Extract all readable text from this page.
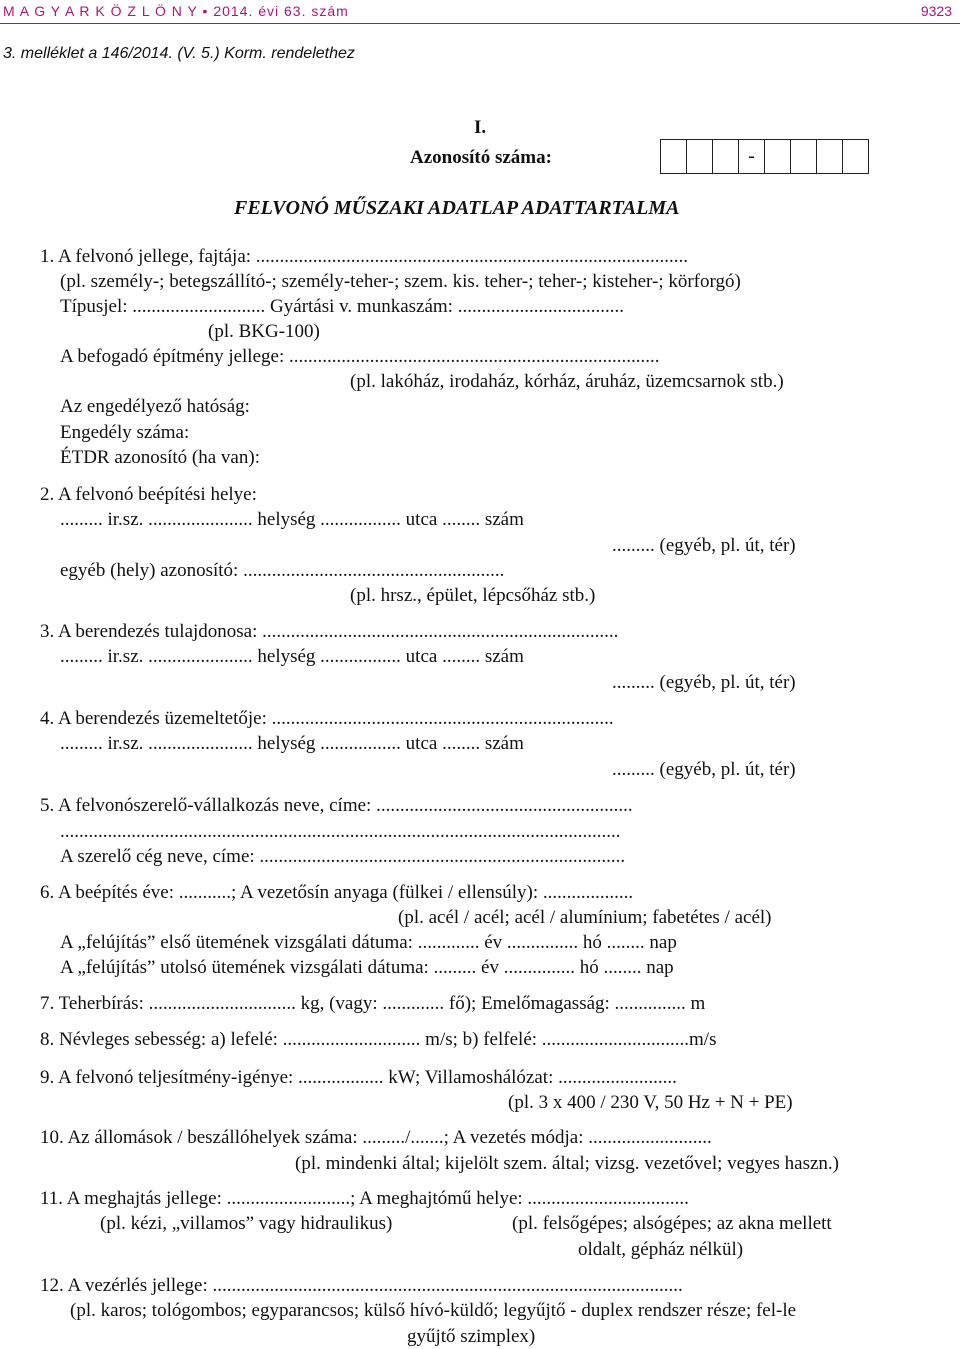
M A G Y A R K Ö Z L Ö N Y • 2014. évi 63. szám	9323
3. melléklet a 146/2014. (V. 5.) Korm. rendelethez
I.
Azonosító száma:	-
FELVONÓ MŰSZAKI ADATLAP ADATTARTALMA
1. A felvonó jellege, fajtája: ...........................................................................................
(pl. személy-; betegszállító-; személy-teher-; szem. kis. teher-; teher-; kisteher-; körforgó)
Típusjel: ............................ Gyártási v. munkaszám: ...................................
(pl. BKG-100)
A befogadó építmény jellege: ..............................................................................
(pl. lakóház, irodaház, kórház, áruház, üzemcsarnok stb.)
Az engedélyező hatóság:
Engedély száma:
ÉTDR azonosító (ha van):
2. A felvonó beépítési helye:
......... ir.sz. ...................... helység ................. utca ........ szám
......... (egyéb, pl. út, tér)
egyéb (hely) azonosító: .......................................................
(pl. hrsz., épület, lépcsőház stb.)
3. A berendezés tulajdonosa: ...........................................................................
......... ir.sz. ...................... helység ................. utca ........ szám
......... (egyéb, pl. út, tér)
4. A berendezés üzemeltetője: ........................................................................
......... ir.sz. ...................... helység ................. utca ........ szám
......... (egyéb, pl. út, tér)
5. A felvonószerelő-vállalkozás neve, címe: ......................................................
......................................................................................................................
A szerelő cég neve, címe: .............................................................................
6. A beépítés éve: ...........; A vezetősín anyaga (fülkei / ellensúly): ...................
(pl. acél / acél; acél / alumínium; fabetétes / acél)
A „felújítás” első ütemének vizsgálati dátuma: ............. év ............... hó ........ nap
A „felújítás” utolsó ütemének vizsgálati dátuma: ......... év ............... hó ........ nap
7. Teherbírás: ............................... kg, (vagy: ............. fő); Emelőmagasság: ............... m
8. Névleges sebesség: a) lefelé: ............................. m/s; b) felfelé: ...............................m/s
9. A felvonó teljesítmény-igénye: .................. kW; Villamoshálózat: .........................
(pl. 3 x 400 / 230 V, 50 Hz + N + PE)
10. Az állomások / beszállóhelyek száma: ........./.......; A vezetés módja: ..........................
(pl. mindenki által; kijelölt szem. által; vizsg. vezetővel; vegyes haszn.)
11. A meghajtás jellege: ..........................; A meghajtómű helye: ..................................
(pl. kézi, „villamos” vagy hidraulikus)	(pl. felsőgépes; alsógépes; az akna mellett
oldalt, gépház nélkül)
12. A vezérlés jellege: ...................................................................................................
(pl. karos; tológombos; egyparancsos; külső hívó-küldő; legyűjtő - duplex rendszer része; fel-le
gyűjtő szimplex)
